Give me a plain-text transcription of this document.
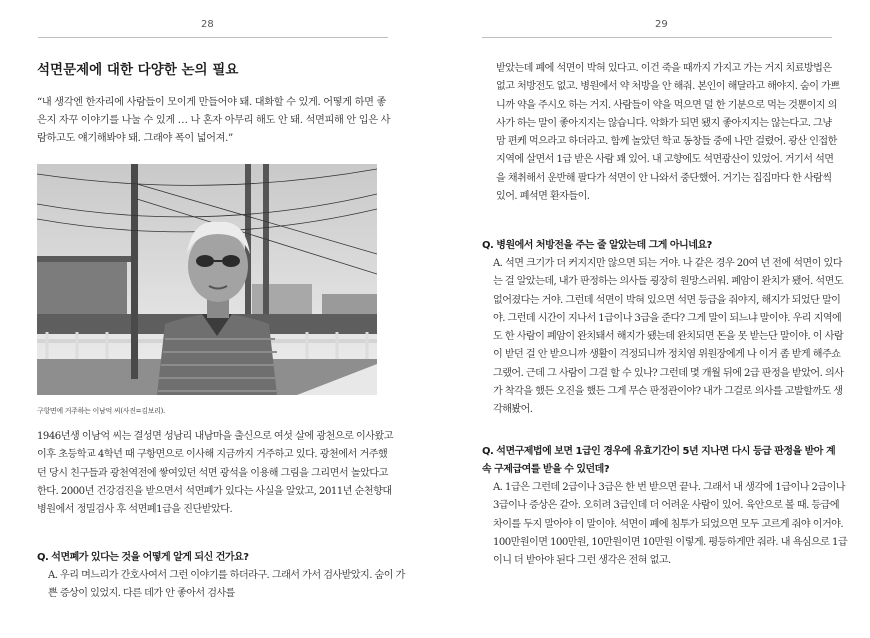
28
석면문제에 대한 다양한 논의 필요

“내 생각엔 한자리에 사람들이 모이게 만들어야 돼. 대화할 수 있게. 어떻게 하면 좋은지 자꾸 이야기를 나눌 수 있게 … 나 혼자 아무리 해도 안 돼. 석면피해 안 입은 사람하고도 얘기해봐야 돼. 그래야 폭이 넓어져.”

구항면에 거주하는 이남억 씨(사진=김보리).

1946년생 이남억 씨는 결성면 성남리 내남마을 출신으로 여섯 살에 광천으로 이사왔고 이후 초등학교 4학년 때 구항면으로 이사해 지금까지 거주하고 있다. 광천에서 거주했던 당시 친구들과 광천역전에 쌓여있던 석면 광석을 이용해 그림을 그리면서 놀았다고 한다. 2000년 건강검진을 받으면서 석면폐가 있다는 사실을 알았고, 2011년 순천향대병원에서 정밀검사 후 석면폐1급을 진단받았다.

Q. 석면폐가 있다는 것을 어떻게 알게 되신 건가요?

A. 우리 며느리가 간호사여서 그런 이야기를 하더라구. 그래서 가서 검사받았지. 숨이 가쁜 증상이 있었지. 다른 데가 안 좋아서 검사를

29

받았는데 폐에 석면이 박혀 있다고. 이건 죽을 때까지 가지고 가는 거지 치료방법은 없고 처방전도 없고. 병원에서 약 처방을 안 해줘. 본인이 해달라고 해야지. 숨이 가쁘니까 약을 주시오 하는 거지. 사람들이 약을 먹으면 덜 한 기분으로 먹는 것뿐이지 의사가 하는 말이 좋아지지는 않습니다. 악화가 되면 됐지 좋아지지는 않는다고. 그냥 맘 편케 먹으라고 하더라고. 함께 놀았던 학교 동창들 중에 나만 걸렸어. 광산 인접한 지역에 살면서 1급 받은 사람 꽤 있어. 내 고향에도 석면광산이 있었어. 거기서 석면을 채취해서 운반해 팔다가 석면이 안 나와서 중단했어. 거기는 집집마다 한 사람씩 있어. 폐석면 환자들이.

Q. 병원에서 처방전을 주는 줄 알았는데 그게 아니네요?

A. 석면 크기가 더 커지지만 않으면 되는 거야. 나 같은 경우 20여 년 전에 석면이 있다는 걸 알았는데, 내가 판정하는 의사들 굉장히 원망스러워. 폐암이 완치가 됐어. 석면도 없어졌다는 거야. 그런데 석면이 박혀 있으면 석면 등급을 줘야지, 해지가 되었단 말이야. 그런데 시간이 지나서 1급이나 3급을 준다? 그게 말이 되느냐 말이야. 우리 지역에도 한 사람이 폐암이 완치돼서 해지가 됐는데 완치되면 돈을 못 받는단 말이야. 이 사람이 받던 걸 안 받으니까 생활이 걱정되니까 정치염 위원장에게 나 이거 좀 받게 해주쇼 그랬어. 근데 그 사람이 그걸 할 수 있나? 그런데 몇 개월 뒤에 2급 판정을 받았어. 의사가 착각을 했든 오진을 했든 그게 무슨 판정관이야? 내가 그걸로 의사를 고발할까도 생각해봤어.

Q. 석면구제법에 보면 1급인 경우에 유효기간이 5년 지나면 다시 등급 판정을 받아 계속 구제급여를 받을 수 있던데?

A. 1급은 그런데 2급이나 3급은 한 번 받으면 끝나. 그래서 내 생각에 1급이나 2급이나 3급이나 증상은 같아. 오히려 3급인데 더 어려운 사람이 있어. 육안으로 볼 때. 등급에 차이를 두지 말아야 이 말이야. 석면이 폐에 침투가 되었으면 모두 고르게 줘야 이거야. 100만원이면 100만원, 10만원이면 10만원 이렇게. 평등하게만 줘라. 내 욕심으로 1급이니 더 받아야 된다 그런 생각은 전혀 없고.
